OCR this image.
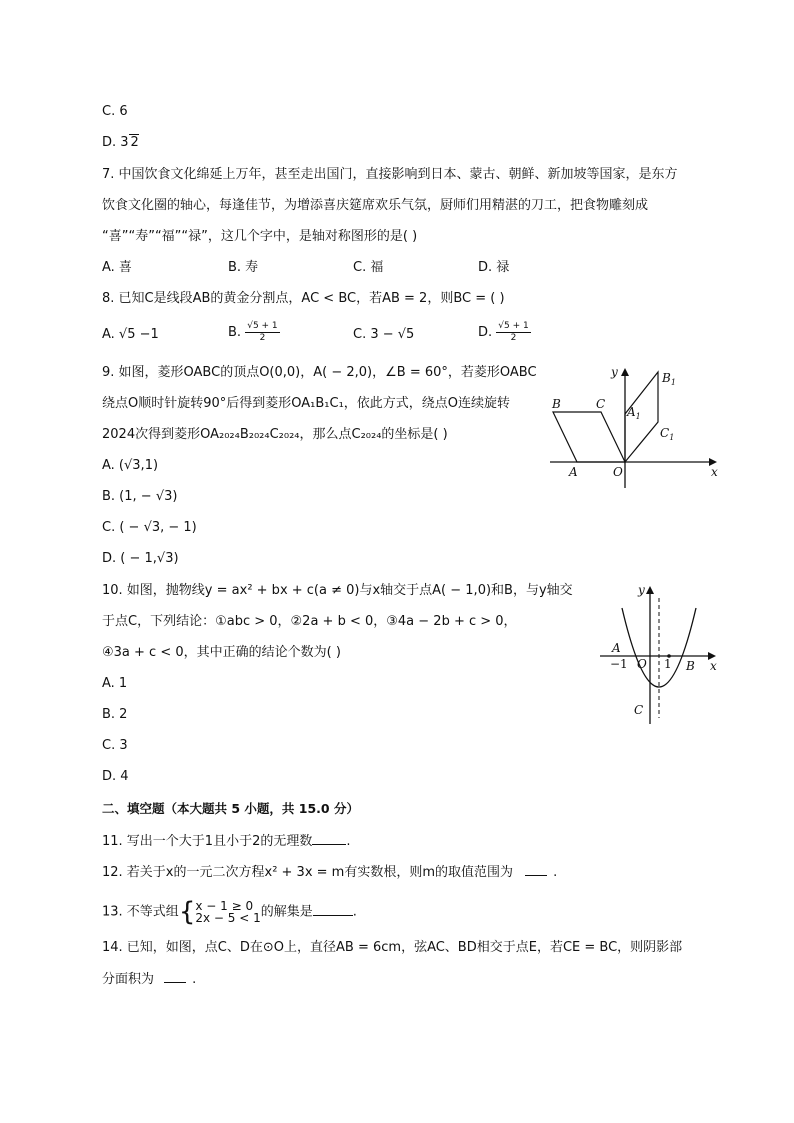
C. 6
D. 3 2
7. 中国饮食文化绵延上万年，甚至走出国门，直接影响到日本、蒙古、朝鲜、新加坡等国家，是东方
饮食文化圈的轴心，每逢佳节，为增添喜庆筵席欢乐气氛，厨师们用精湛的刀工，把食物雕刻成
“喜”“寿”“福”“禄”，这几个字中，是轴对称图形的是( )
A. 喜	B. 寿	C. 福	D. 禄
8. 已知C是线段AB的黄金分割点，AC < BC，若AB = 2，则BC = ( )
A. √5 −1	B. $\frac{√5 + 1}{2}$	C. 3 − √5	D. $\frac{√5 + 1}{2}$
9. 如图，菱形OABC的顶点O(0,0)，A( − 2,0)，∠B = 60°，若菱形OABC
绕点O顺时针旋转90°后得到菱形OA₁B₁C₁，依此方式，绕点O连续旋转
2024次得到菱形OA₂₀₂₄B₂₀₂₄C₂₀₂₄，那么点C₂₀₂₄的坐标是( )
A. (√3,1)
B. (1, − √3)
C. ( − √3, − 1)
D. ( − 1,√3)
x
y
O
A
B	C
$B_1$
$C_1$
$A_1$
10. 如图，抛物线y = ax² + bx + c(a ≠ 0)与x轴交于点A( − 1,0)和B，与y轴交
于点C，下列结论：①abc > 0，②2a + b < 0，③4a − 2b + c > 0，
④3a + c < 0，其中正确的结论个数为( )
A. 1
B. 2
C. 3
D. 4
x
y
A
−1 O 1 B
C
二、填空题（本大题共 5 小题，共 15.0 分）
11. 写出一个大于1且小于2的无理数	.
12. 若关于x的一元二次方程x² + 3x = m有实数根，则m的取值范围为	.
13. 不等式组{ x − 1 ≥ 0
2x − 5 < 1 的解集是	.
14. 已知，如图，点C、D在⊙O上，直径AB = 6cm，弦AC、BD相交于点E，若CE = BC，则阴影部
分面积为	.
